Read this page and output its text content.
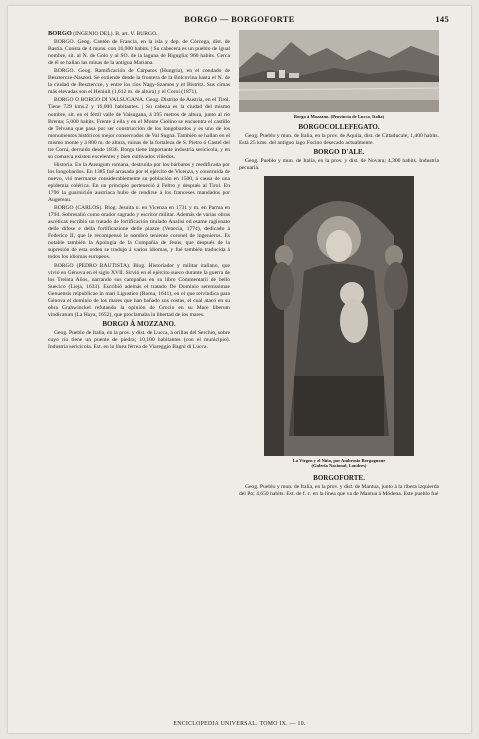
BORGO — BORGOFORTE	145

BORGO (INGENIO DEL). B. art. V. BURGO.

BORGO. Geog. Cantón de Francia, en la isla y dep. de Córcega, dist. de Bastia. Consta de 4 muns. con 16,900 habits. | Su cabecera es un pueblo de igual nombre, sit. al N. de Golo y al SO. de la laguna de Biguglia; 960 habits. Cerca de él se hallan las minas de la antigua Mariana.

BORGO. Geog. Ramificación de Cárpatos (Hungría), en el condado de Besztercze-Naszod. Se extiende desde la frontera de la Bolcovina hasta el N. de la ciudad de Besztercze, y entre los ríos Nagy-Szamos y el Bistritz. Sus cimas más elevadas son el Heniult (1,612 m. de altura) y el Coroi (1871).

BORGO O BORGO DI VALSUGANA. Geog. Distrito de Austria, en el Tirol. Tiene 729 kms.2 y 16,000 habitantes. | Su cabeza es la ciudad del mismo nombre, sit. en el fértil valle de Valsugana, á 395 metros de altura, junto al río Brenta; 5,000 habits. Frente á ella y en el Monte Ciolino se encuentra el castillo de Telvana que pasa por ser construcción de los longobardos y es uno de los monumentos históricos mejor conservados de Val Sugna. También se hallan en el mismo monte y á 800 m. de altura, ruinas de la fortaleza de S. Pietro ó Castel dei tre Corni, derruido desde 1836. Borgo tiene importante industria sericícola, y en su comarca existen excelentes y bien cultivados viñedos.

Historia. En la Ausugum romana, destruída por los bárbaros y reedificada por los longobardos. En 1385 fué arrasada por el ejército de Vicenza, y construída de nuevo, vió mermarse considerablemente su población en 1500, á causa de una epidemia colérica. En un principio perteneció á Feltro y después al Tirol. En 1796 la guarnición austríaca hubo de rendirse á los franceses mandados por Augereau.

BORGO (CARLOS). Biog. Jesuita n. en Vicenza en 1731 y m. en Parma en 1794. Sobresalió como orador sagrado y escritor militar. Además de varias obras ascéticas escribió un tratado de fortificación titulado Analisi ed esame ragionato delle difese e della fortificazione delle piazze (Venecia, 1774), dedicado á Federico II, que le recompensó le nombró teniente coronel de ingenieros. Es notable también la Apología de la Compañía de Jesús, que después de la supresión de esta orden se tradujo á varios idiomas, y fué también traducida á todos los idiomas europeos.

BORGO (PEDRO BAUTISTA). Biog. Historiador y militar italiano, que vivió en Génova en el siglo XVII. Sirvió en el ejército sueco durante la guerra de los Treinta Años, narrando sus campañas en su libro Commentarii de bello Suecico (Lieja, 1633). Escribió además el tratado De Dominio serenissimae Genuensis reipublicae in mari Ligustico (Roma, 1641), en el que reivindica para Génova el dominio de los mares que han bañado sus costas, el cual atacó en su obra Grahwinckel refutando la opinión de Grocio en su Mare liberum vindicatum (La Haya, 1652), que proclamaba la libertad de los mares.

BORGO Á MOZZANO.

Geog. Pueblo de Italia, en la prov. y dist. de Lucca, á orillas del Serchio, sobre cuyo río tiene un puente de piedra; 10,100 habitantes (con el municipio). Industria sericícola. Est. en la línea férrea de Viareggio Bagni di Lucca.

Borgo á Mozzano. (Provincia de Lucca, Italia)
BORGOCOLLEFEGATO.

Geog. Pueblo y mun. de Italia, en la prov. de Aquila, dist. de Cittaducale; 1,400 habits. Está 25 kms. del antiguo lago Fucino desecado actualmente.

BORGO D'ALE.

Geog. Pueblo y mun. de Italia, en la prov. y dist. de Novara; 4,300 habits. Industria pecuaria.

La Virgen y el Niño, por Ambrosio Borgognone
(Galería Nacional, Londres)
BORGOFORTE.

Geog. Pueblo y mun. de Italia, en la prov. y dist. de Mantua, junto á la ribera izquierda del Po; 4,650 habits. Est. de f. c. en la línea que va de Mantua á Módena. Este pueblo fué

ENCICLOPEDIA UNIVERSAL. TOMO IX. — 10.
